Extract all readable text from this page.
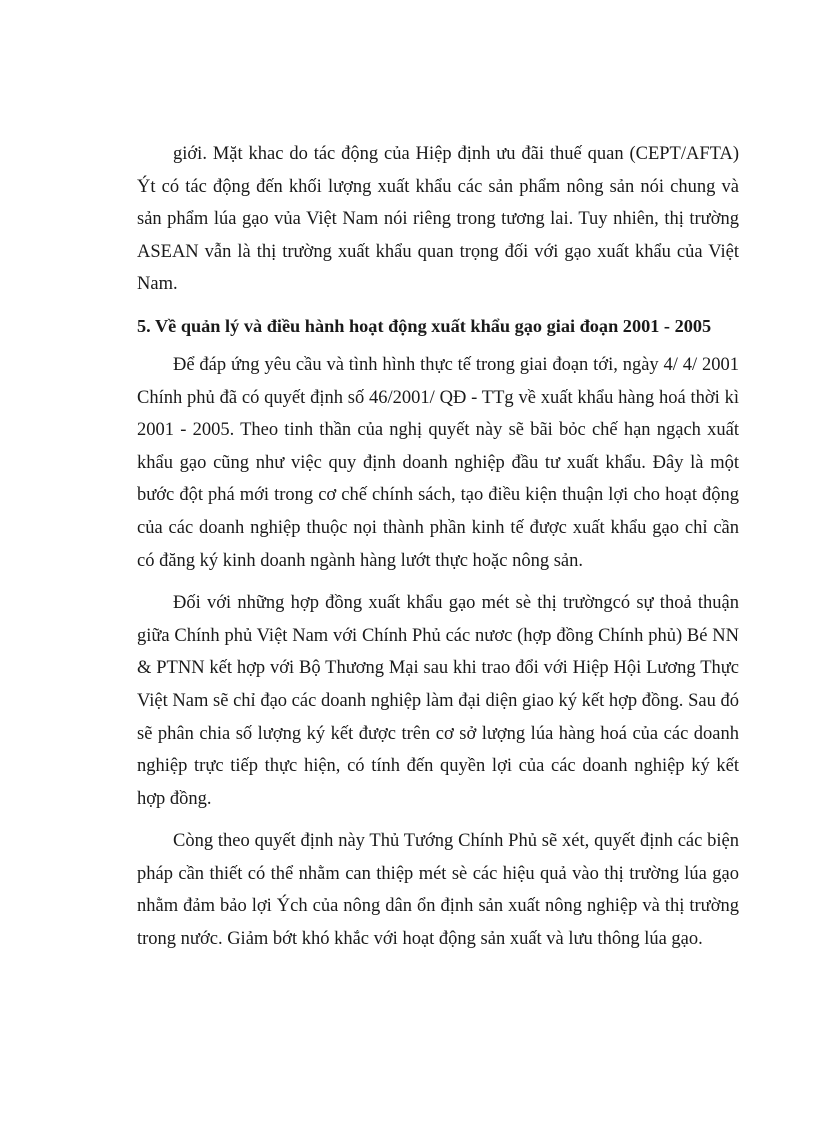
giới. Mặt khac do tác động của Hiệp định ưu đãi thuế quan (CEPT/AFTA) Ýt có tác động đến khối lượng xuất khẩu các sản phẩm nông sản nói chung và sản phẩm lúa gạo vủa Việt Nam nói riêng trong tương lai. Tuy nhiên, thị trường ASEAN vẫn là thị trường xuất khẩu quan trọng đối với gạo xuất khẩu của Việt Nam.

5. Về quản lý và điều hành hoạt động xuất khẩu gạo giai đoạn 2001 - 2005

Để đáp ứng yêu cầu và tình hình thực tế trong giai đoạn tới, ngày 4/ 4/ 2001 Chính phủ đã có quyết định số 46/2001/ QĐ - TTg về xuất khẩu hàng hoá thời kì 2001 - 2005. Theo tinh thần của nghị quyết này sẽ bãi bỏc chế hạn ngạch xuất khẩu gạo cũng như việc quy định doanh nghiệp đầu tư xuất khẩu. Đây là một bước đột phá mới trong cơ chế chính sách, tạo điều kiện thuận lợi cho hoạt động của các doanh nghiệp thuộc nọi thành phần kinh tế được xuất khẩu gạo chỉ cần có đăng ký kinh doanh ngành hàng lướt thực hoặc nông sản.

Đối với những hợp đồng xuất khẩu gạo mét sè thị trườngcó sự thoả thuận giữa Chính phủ Việt Nam với Chính Phủ các nươc (hợp đồng Chính phủ) Bé NN & PTNN kết hợp với Bộ Thương Mại sau khi trao đổi với Hiệp Hội Lương Thực Việt Nam sẽ chỉ đạo các doanh nghiệp làm đại diện giao ký kết hợp đồng. Sau đó sẽ phân chia số lượng ký kết được trên cơ sở lượng lúa hàng hoá của các doanh nghiệp trực tiếp thực hiện, có tính đến quyền lợi của các doanh nghiệp ký kết hợp đồng.

Còng theo quyết định này Thủ Tướng Chính Phủ sẽ xét, quyết định các biện pháp cần thiết có thể nhằm can thiệp mét sè các hiệu quả vào thị trường lúa gạo nhằm đảm bảo lợi Ých của nông dân ổn định sản xuất nông nghiệp và thị trường trong nước. Giảm bớt khó khắc với hoạt động sản xuất và lưu thông lúa gạo.
